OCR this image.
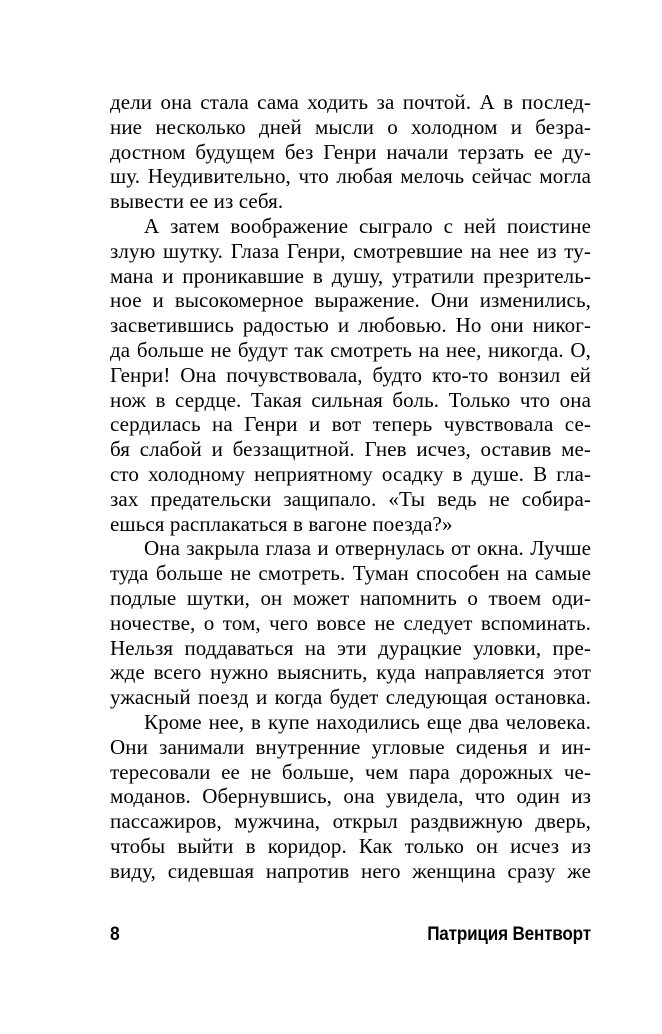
дели она стала сама ходить за почтой. А в послед-
ние несколько дней мысли о холодном и безра-
достном будущем без Генри начали терзать ее ду-
шу. Неудивительно, что любая мелочь сейчас могла
вывести ее из себя.
А затем воображение сыграло с ней поистине
злую шутку. Глаза Генри, смотревшие на нее из ту-
мана и проникавшие в душу, утратили презритель-
ное и высокомерное выражение. Они изменились,
засветившись радостью и любовью. Но они никог-
да больше не будут так смотреть на нее, никогда. О,
Генри! Она почувствовала, будто кто-то вонзил ей
нож в сердце. Такая сильная боль. Только что она
сердилась на Генри и вот теперь чувствовала се-
бя слабой и беззащитной. Гнев исчез, оставив ме-
сто холодному неприятному осадку в душе. В гла-
зах предательски защипало. «Ты ведь не собира-
ешься расплакаться в вагоне поезда?»
Она закрыла глаза и отвернулась от окна. Лучше
туда больше не смотреть. Туман способен на самые
подлые шутки, он может напомнить о твоем оди-
ночестве, о том, чего вовсе не следует вспоминать.
Нельзя поддаваться на эти дурацкие уловки, пре-
жде всего нужно выяснить, куда направляется этот
ужасный поезд и когда будет следующая остановка.
Кроме нее, в купе находились еще два человека.
Они занимали внутренние угловые сиденья и ин-
тересовали ее не больше, чем пара дорожных че-
моданов. Обернувшись, она увидела, что один из
пассажиров, мужчина, открыл раздвижную дверь,
чтобы выйти в коридор. Как только он исчез из
виду, сидевшая напротив него женщина сразу же
8	Патриция Вентворт
